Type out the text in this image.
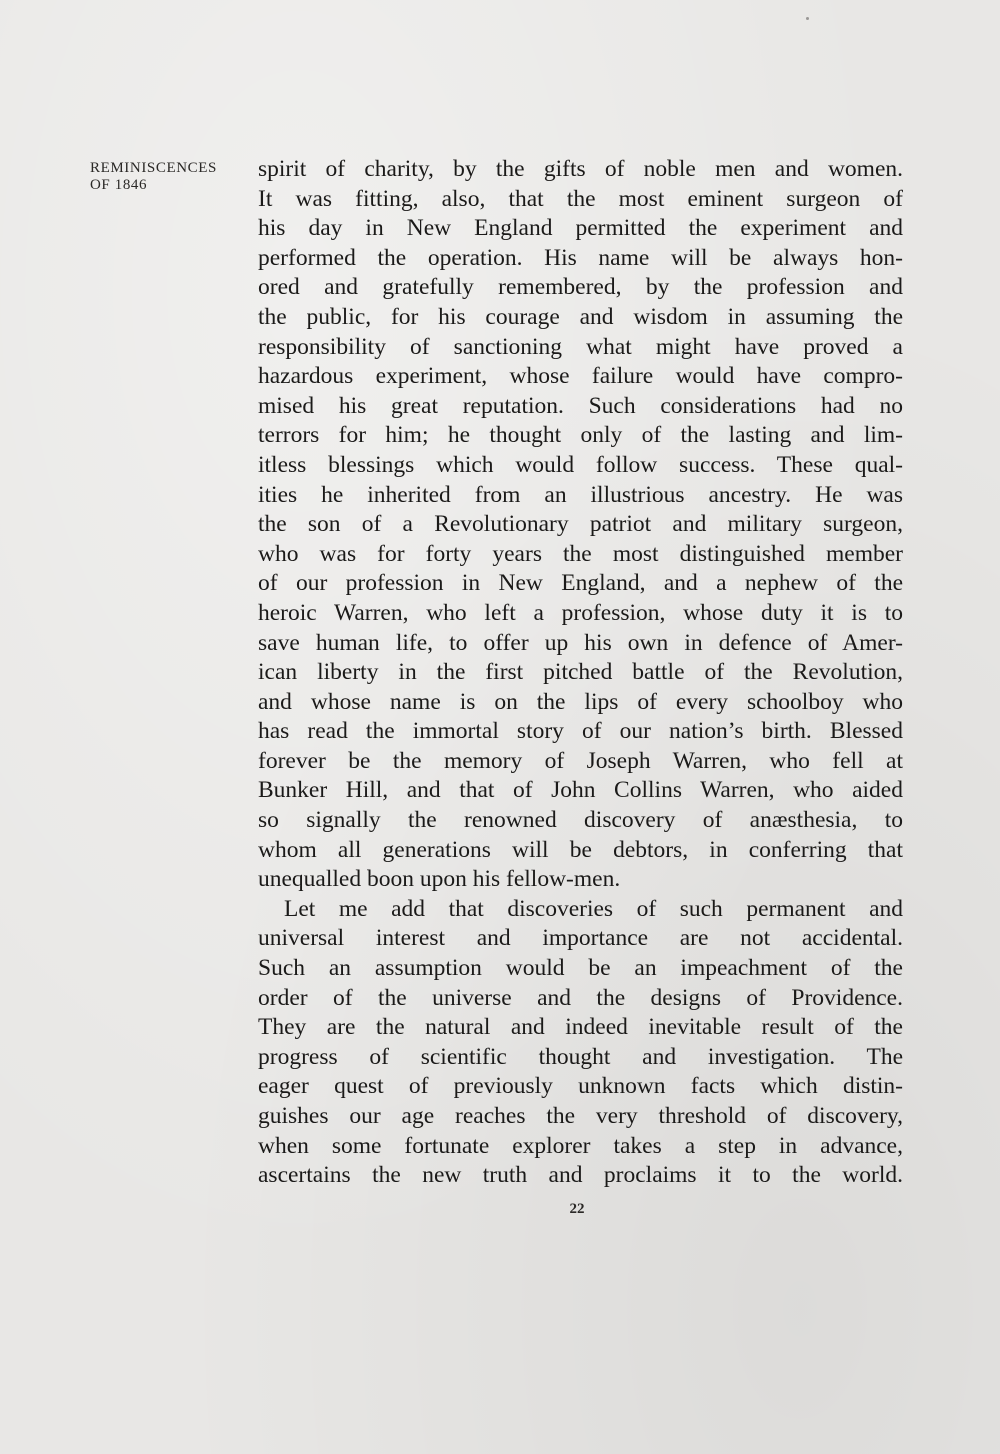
REMINISCENCES
OF 1846
spirit of charity, by the gifts of noble men and women.
It was fitting, also, that the most eminent surgeon of
his day in New England permitted the experiment and
performed the operation. His name will be always hon-
ored and gratefully remembered, by the profession and
the public, for his courage and wisdom in assuming the
responsibility of sanctioning what might have proved a
hazardous experiment, whose failure would have compro-
mised his great reputation. Such considerations had no
terrors for him; he thought only of the lasting and lim-
itless blessings which would follow success. These qual-
ities he inherited from an illustrious ancestry. He was
the son of a Revolutionary patriot and military surgeon,
who was for forty years the most distinguished member
of our profession in New England, and a nephew of the
heroic Warren, who left a profession, whose duty it is to
save human life, to offer up his own in defence of Amer-
ican liberty in the first pitched battle of the Revolution,
and whose name is on the lips of every schoolboy who
has read the immortal story of our nation’s birth. Blessed
forever be the memory of Joseph Warren, who fell at
Bunker Hill, and that of John Collins Warren, who aided
so signally the renowned discovery of anæsthesia, to
whom all generations will be debtors, in conferring that
unequalled boon upon his fellow-men.
Let me add that discoveries of such permanent and
universal interest and importance are not accidental.
Such an assumption would be an impeachment of the
order of the universe and the designs of Providence.
They are the natural and indeed inevitable result of the
progress of scientific thought and investigation. The
eager quest of previously unknown facts which distin-
guishes our age reaches the very threshold of discovery,
when some fortunate explorer takes a step in advance,
ascertains the new truth and proclaims it to the world.
22
